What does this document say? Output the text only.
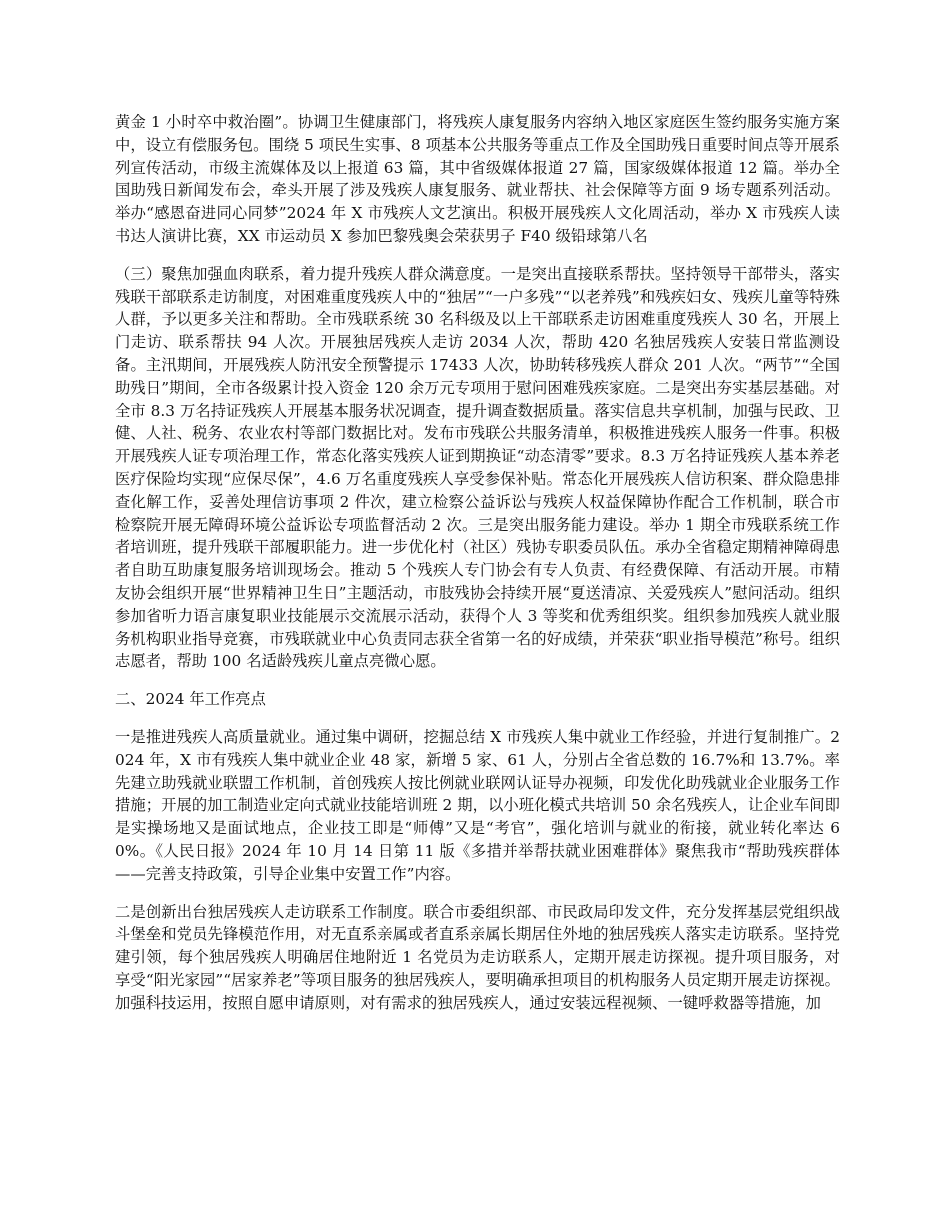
黄金 1 小时卒中救治圈”。协调卫生健康部门，将残疾人康复服务内容纳入地区家庭医生签约服务实施方案中，设立有偿服务包。围绕 5 项民生实事、8 项基本公共服务等重点工作及全国助残日重要时间点等开展系列宣传活动，市级主流媒体及以上报道 63 篇，其中省级媒体报道 27 篇，国家级媒体报道 12 篇。举办全国助残日新闻发布会，牵头开展了涉及残疾人康复服务、就业帮扶、社会保障等方面 9 场专题系列活动。举办“感恩奋进同心同梦”2024 年 X 市残疾人文艺演出。积极开展残疾人文化周活动，举办 X 市残疾人读书达人演讲比赛，XX 市运动员 X 参加巴黎残奥会荣获男子 F40 级铅球第八名

（三）聚焦加强血肉联系，着力提升残疾人群众满意度。一是突出直接联系帮扶。坚持领导干部带头，落实残联干部联系走访制度，对困难重度残疾人中的“独居”“一户多残”“以老养残”和残疾妇女、残疾儿童等特殊人群，予以更多关注和帮助。全市残联系统 30 名科级及以上干部联系走访困难重度残疾人 30 名，开展上门走访、联系帮扶 94 人次。开展独居残疾人走访 2034 人次，帮助 420 名独居残疾人安装日常监测设备。主汛期间，开展残疾人防汛安全预警提示 17433 人次，协助转移残疾人群众 201 人次。“两节”“全国助残日”期间，全市各级累计投入资金 120 余万元专项用于慰问困难残疾家庭。二是突出夯实基层基础。对全市 8.3 万名持证残疾人开展基本服务状况调查，提升调查数据质量。落实信息共享机制，加强与民政、卫健、人社、税务、农业农村等部门数据比对。发布市残联公共服务清单，积极推进残疾人服务一件事。积极开展残疾人证专项治理工作，常态化落实残疾人证到期换证“动态清零”要求。8.3 万名持证残疾人基本养老医疗保险均实现“应保尽保”，4.6 万名重度残疾人享受参保补贴。常态化开展残疾人信访积案、群众隐患排查化解工作，妥善处理信访事项 2 件次，建立检察公益诉讼与残疾人权益保障协作配合工作机制，联合市检察院开展无障碍环境公益诉讼专项监督活动 2 次。三是突出服务能力建设。举办 1 期全市残联系统工作者培训班，提升残联干部履职能力。进一步优化村（社区）残协专职委员队伍。承办全省稳定期精神障碍患者自助互助康复服务培训现场会。推动 5 个残疾人专门协会有专人负责、有经费保障、有活动开展。市精友协会组织开展“世界精神卫生日”主题活动，市肢残协会持续开展“夏送清凉、关爱残疾人”慰问活动。组织参加省听力语言康复职业技能展示交流展示活动，获得个人 3 等奖和优秀组织奖。组织参加残疾人就业服务机构职业指导竞赛，市残联就业中心负责同志获全省第一名的好成绩，并荣获“职业指导模范”称号。组织志愿者，帮助 100 名适龄残疾儿童点亮微心愿。

二、2024 年工作亮点

一是推进残疾人高质量就业。通过集中调研，挖掘总结 X 市残疾人集中就业工作经验，并进行复制推广。2024 年，X 市有残疾人集中就业企业 48 家，新增 5 家、61 人，分别占全省总数的 16.7%和 13.7%。率先建立助残就业联盟工作机制，首创残疾人按比例就业联网认证导办视频，印发优化助残就业企业服务工作措施；开展的加工制造业定向式就业技能培训班 2 期，以小班化模式共培训 50 余名残疾人，让企业车间即是实操场地又是面试地点，企业技工即是“师傅”又是“考官”，强化培训与就业的衔接，就业转化率达 60%。《人民日报》2024 年 10 月 14 日第 11 版《多措并举帮扶就业困难群体》聚焦我市“帮助残疾群体——完善支持政策，引导企业集中安置工作”内容。

二是创新出台独居残疾人走访联系工作制度。联合市委组织部、市民政局印发文件，充分发挥基层党组织战斗堡垒和党员先锋模范作用，对无直系亲属或者直系亲属长期居住外地的独居残疾人落实走访联系。坚持党建引领，每个独居残疾人明确居住地附近 1 名党员为走访联系人，定期开展走访探视。提升项目服务，对享受“阳光家园”“居家养老”等项目服务的独居残疾人，要明确承担项目的机构服务人员定期开展走访探视。加强科技运用，按照自愿申请原则，对有需求的独居残疾人，通过安装远程视频、一键呼救器等措施，加
